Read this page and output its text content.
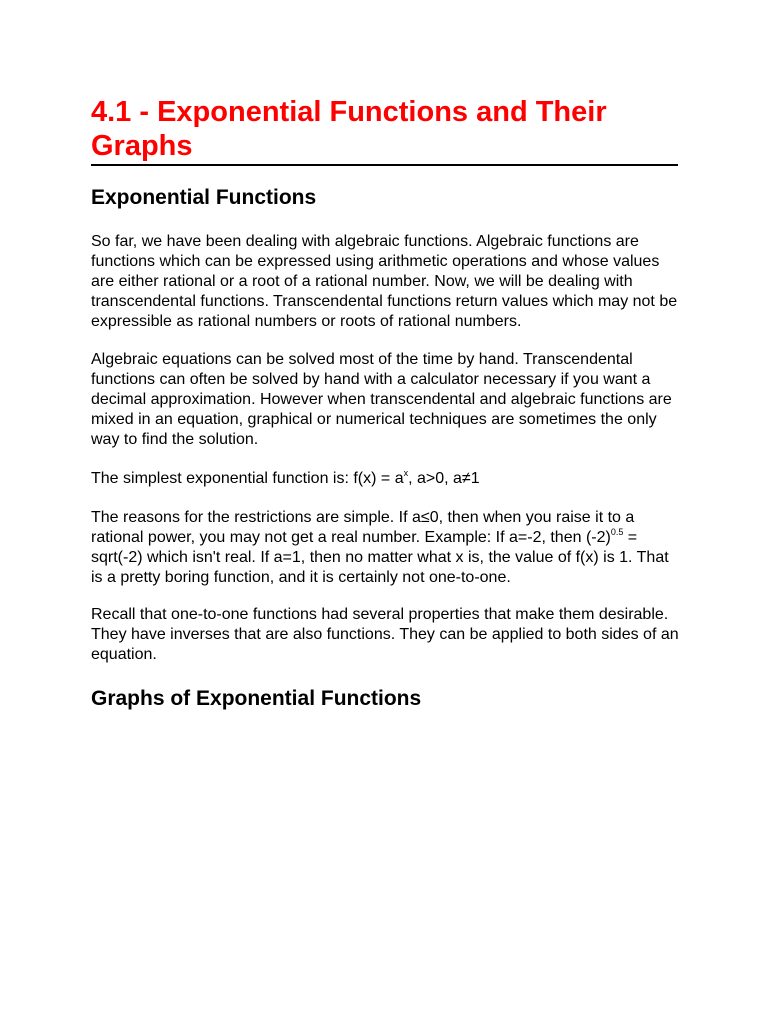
4.1 - Exponential Functions and Their Graphs
Exponential Functions

So far, we have been dealing with algebraic functions. Algebraic functions are functions which can be expressed using arithmetic operations and whose values are either rational or a root of a rational number. Now, we will be dealing with transcendental functions. Transcendental functions return values which may not be expressible as rational numbers or roots of rational numbers.

Algebraic equations can be solved most of the time by hand. Transcendental functions can often be solved by hand with a calculator necessary if you want a decimal approximation. However when transcendental and algebraic functions are mixed in an equation, graphical or numerical techniques are sometimes the only way to find the solution.

The simplest exponential function is: $f(x) = a^x$, a>0, a≠1

The reasons for the restrictions are simple. If a≤0, then when you raise it to a rational power, you may not get a real number. Example: If a=-2, then $(-2)^{0.5}$ = sqrt(-2) which isn't real. If a=1, then no matter what x is, the value of f(x) is 1. That is a pretty boring function, and it is certainly not one-to-one.

Recall that one-to-one functions had several properties that make them desirable. They have inverses that are also functions. They can be applied to both sides of an equation.

Graphs of Exponential Functions
